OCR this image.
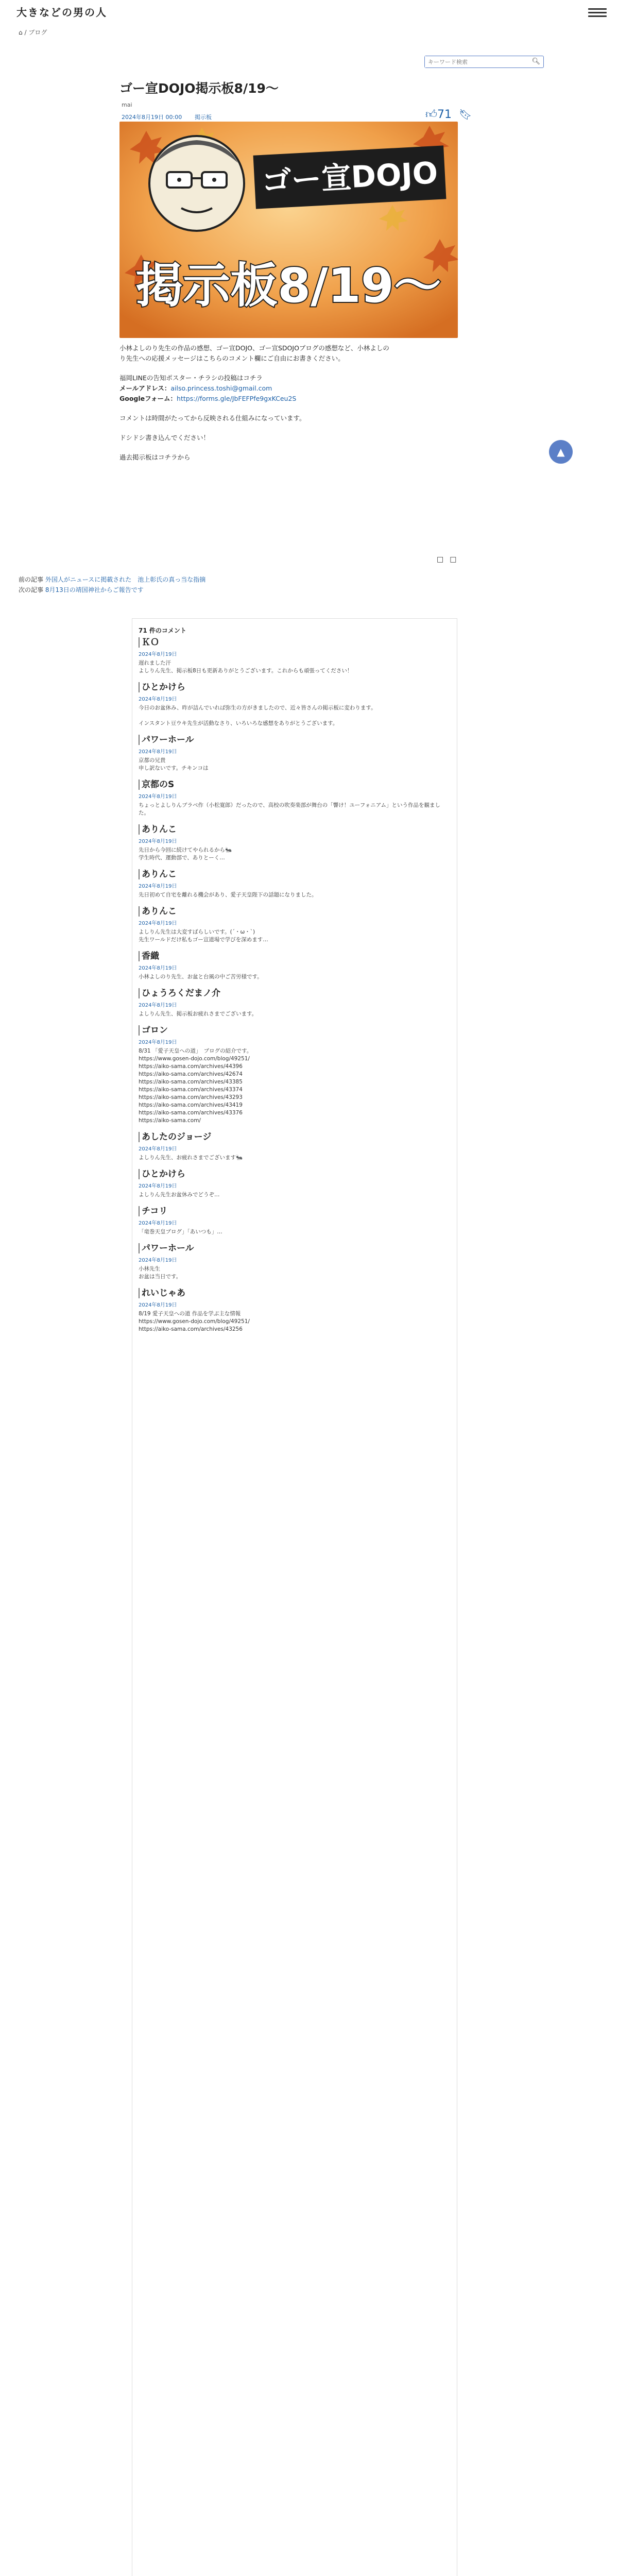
大きなどの男の人
⌂ / ブログ
キーワード検索
🔍︎
ゴー宣DOJO掲示板8/19〜
mai
2024年8月19日 00:00 掲示板	👍︎71 🔖︎
ゴー宣DOJO
掲示板8/19〜
小林よしのり先生の作品の感想、ゴー宣DOJO、ゴー宣SDOJOブログの感想など、小林よしの
り先生への応援メッセージはこちらのコメント欄にご自由にお書きください。
福岡LINEの告知ポスター・チラシの投稿はコチラ
メールアドレス：ailso.princess.toshi@gmail.com
Googleフォーム：https://forms.gle/JbFEFPfe9gxKCeu2S
コメントは時間がたってから反映される仕組みになっています。
ドシドシ書き込んでください！
過去掲示板はコチラから	▲
□□
前の記事 外国人がニュースに掲載された　池上彰氏の真っ当な指摘
次の記事 8月13日の靖国神社からご報告です
71 件のコメント
ＫＯ
2024年8月19日
遅れました汗
よしりん先生、掲示板8日も更新ありがとうございます。これからも頑張ってください！
ひとかけら
2024年8月19日
今日のお盆休み、昨が詰んでいれば弥生の方がきましたので、近々皆さんの掲示板に変わります。

インスタント豆ウキ先生が活動なさり、いろいろな感想をありがとうございます。
パワーホール
2024年8月19日
京都の兄貴
申し訳ないです。チキンコは
京都のS
2024年8月19日
ちょっとよしりんブラベ作（小松寛郎）だったので、高校の吹奏楽部が舞台の「響け！ユーフォニアム」という作品を観ました。
ありんこ
2024年8月19日
先日から今回に続けてやられるから🐜
学生時代、運動部で、ありとーく…
ありんこ
2024年8月19日
先日初めて自宅を離れる機会があり、愛子天皇陛下の話題になりました。
ありんこ
2024年8月19日
よしりん先生は大変すばらしいです。(´・ω・`)
先生ワールドだけ私もゴー宣道場で学びを深めます…
香織
2024年8月19日
小林よしのり先生、お盆と台風の中ご苦労様です。
ひょうろくだまノ介
2024年8月19日
よしりん先生、掲示板お疲れさまでございます。
ゴロン
2024年8月19日
8/31 「愛子天皇への道」　ブログの紹介です。
https://www.gosen-dojo.com/blog/49251/
https://aiko-sama.com/archives/44396
https://aiko-sama.com/archives/42674
https://aiko-sama.com/archives/43385
https://aiko-sama.com/archives/43374
https://aiko-sama.com/archives/43293
https://aiko-sama.com/archives/43419
https://aiko-sama.com/archives/43376
https://aiko-sama.com/
あしたのジョージ
2024年8月19日
よしりん先生、お疲れさまでございます🐜
ひとかけら
2024年8月19日
よしりん先生お盆休みでどうぞ…
チコリ
2024年8月19日
「竜巻天皇ブログ」「あいつも」…
パワーホール
2024年8月19日
小林先生
お盆は当日です。
れいじゃあ
2024年8月19日
8/19 愛子天皇への道 作品を学ぶ主な情報
https://www.gosen-dojo.com/blog/49251/
https://aiko-sama.com/archives/43256
